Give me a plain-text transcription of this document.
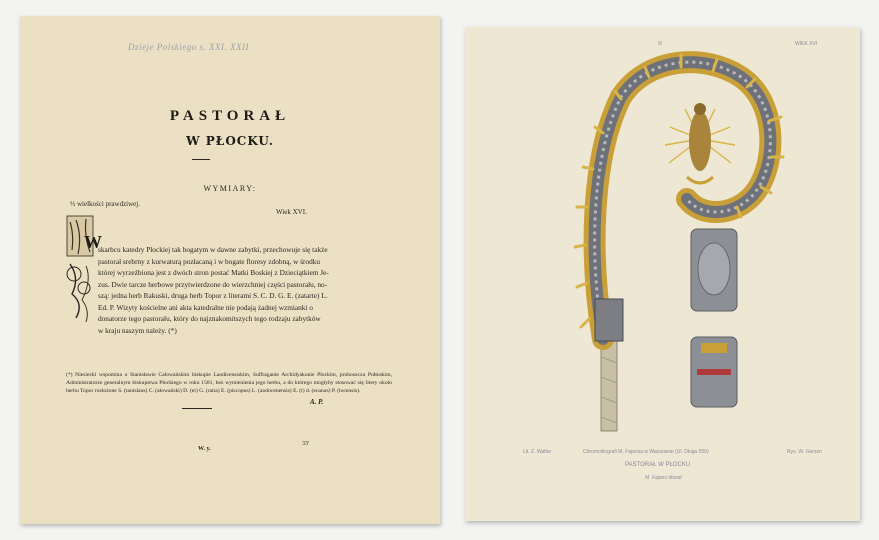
Dzieje Polskiego s. XXI. XXII
PASTORAŁ
W PŁOCKU.
WYMIARY:
⅓ wielkości prawdziwej.
Wiek XVI.
W
skarbcu katedry Płockiej tak bogatym w dawne zabytki, przechowuje się także
pastorał srebrny z kurwaturą pozłacaną i w bogate floresy zdobną, w środku
której wyrzeźbiona jest z dwóch stron postać Matki Boskiej z Dzieciątkiem Je-
zus. Dwie tarcze herbowe przytwierdzone do wierzchniej części pastorału, no-
szą: jedna herb Rakuski, druga herb Topor z literami S. C. D. G. E. (zatarte) L.
Ed. P. Wizyty kościelne ani akta katedralne nie podają żadnej wzmianki o
donatorze tego pastorału, który do najznakomitszych tego rodzaju zabytków
w kraju naszym należy. (*)
(*) Niesiecki wspomina o Stanisławie Całowańskim biskupie Laodicensiskim, Suffraganie Archidyakonie Płockim, proboszczu Pułtuskim, Administratorze generalnym biskupstwa Płockiego w roku 1581, bez wymienienia jego herbu, a do którego mogłyby stosować się litery około herbu Topor rozłożone S. (tanislaus) C. (ałowański) D. (ei) G. (ratia) E. (piscopus) L. (aodocenensis) E. (t) d. (ecanus) P. (locensis).
A. P.
W. y.
33'
5/	WIEK XVI
Lit. Z. Walter	Chromolitografi M. Fajansa w Warszawie (Ul. Długa 550)	Rys. W. Gerson
PASTORAŁ W PŁOCKU
M. Fajans direxit
